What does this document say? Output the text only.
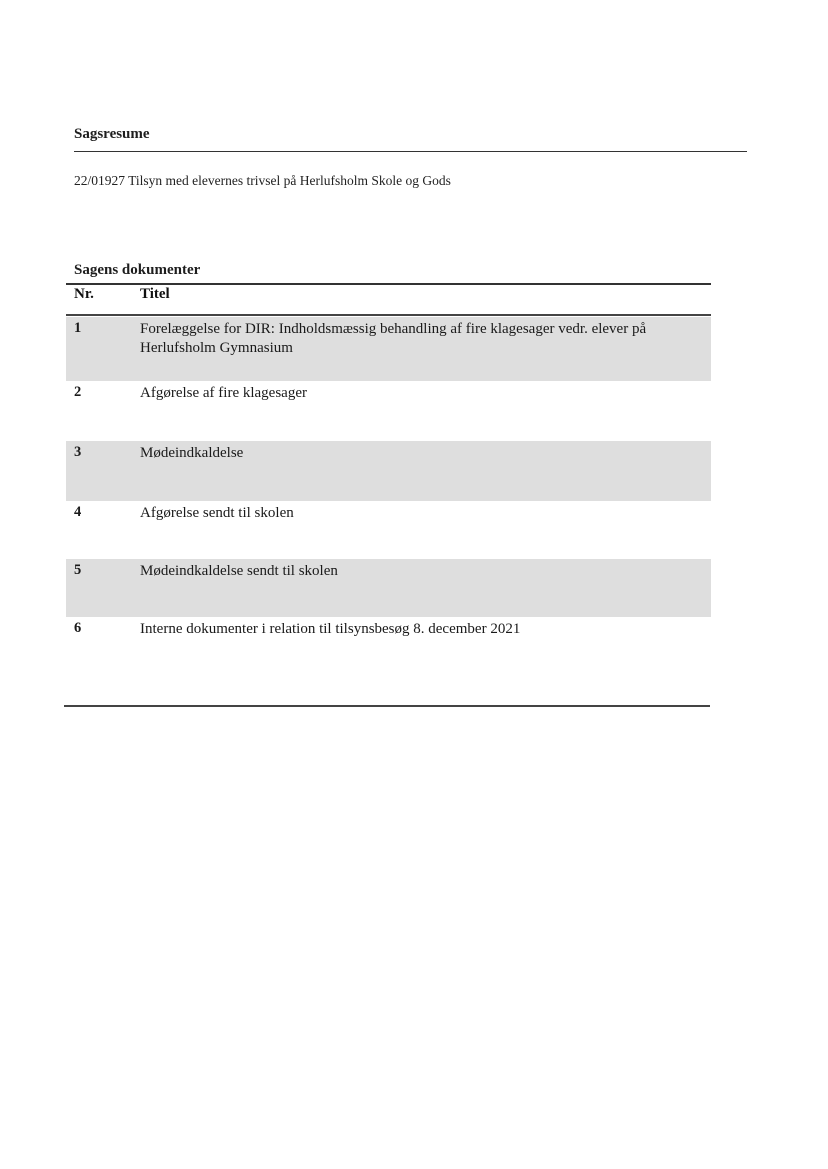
Sagsresume
22/01927 Tilsyn med elevernes trivsel på Herlufsholm Skole og Gods
Sagens dokumenter
Nr.	Titel
1	Forelæggelse for DIR: Indholdsmæssig behandling af fire klagesager vedr. elever på Herlufsholm Gymnasium
2	Afgørelse af fire klagesager
3	Mødeindkaldelse
4	Afgørelse sendt til skolen
5	Mødeindkaldelse sendt til skolen
6	Interne dokumenter i relation til tilsynsbesøg 8. december 2021
